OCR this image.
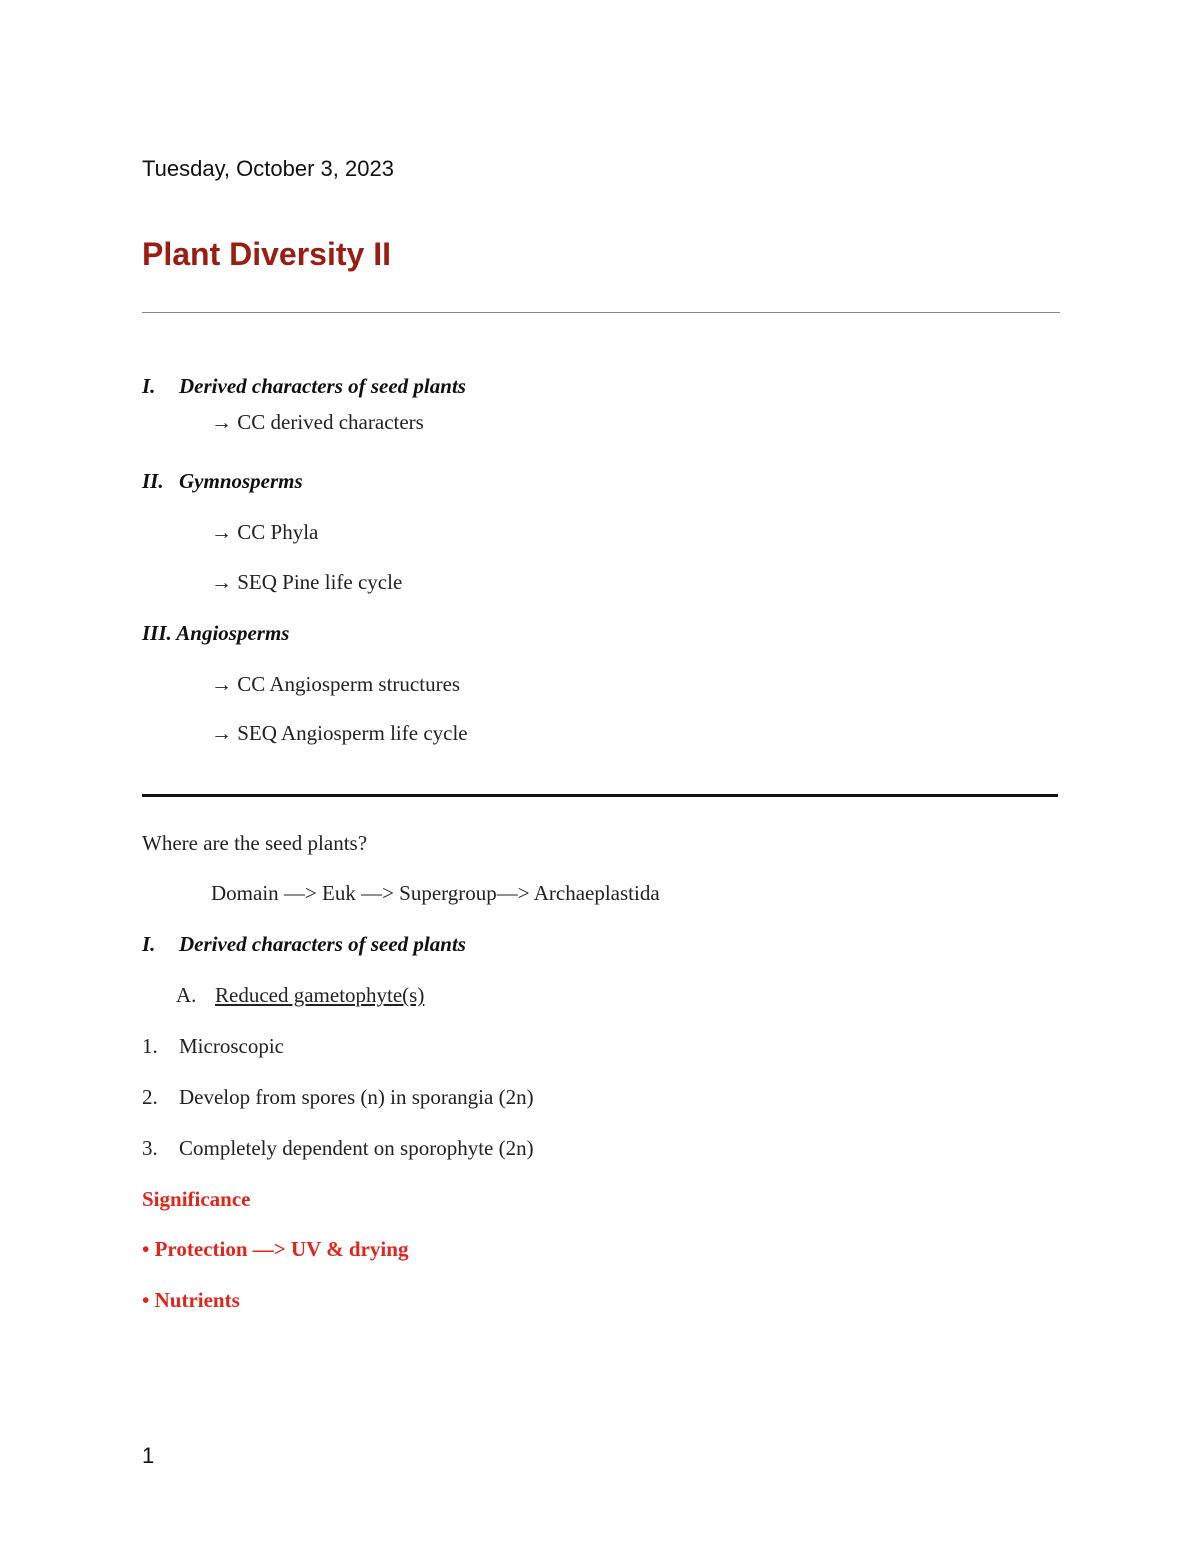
Tuesday, October 3, 2023
Plant Diversity II
I. Derived characters of seed plants
→ CC derived characters
II. Gymnosperms
→ CC Phyla
→ SEQ Pine life cycle
III. Angiosperms
→ CC Angiosperm structures
→ SEQ Angiosperm life cycle
Where are the seed plants?
Domain —> Euk —> Supergroup—> Archaeplastida
I. Derived characters of seed plants
A. Reduced gametophyte(s)
1. Microscopic
2. Develop from spores (n) in sporangia (2n)
3. Completely dependent on sporophyte (2n)
Significance
• Protection —> UV & drying
• Nutrients
1
